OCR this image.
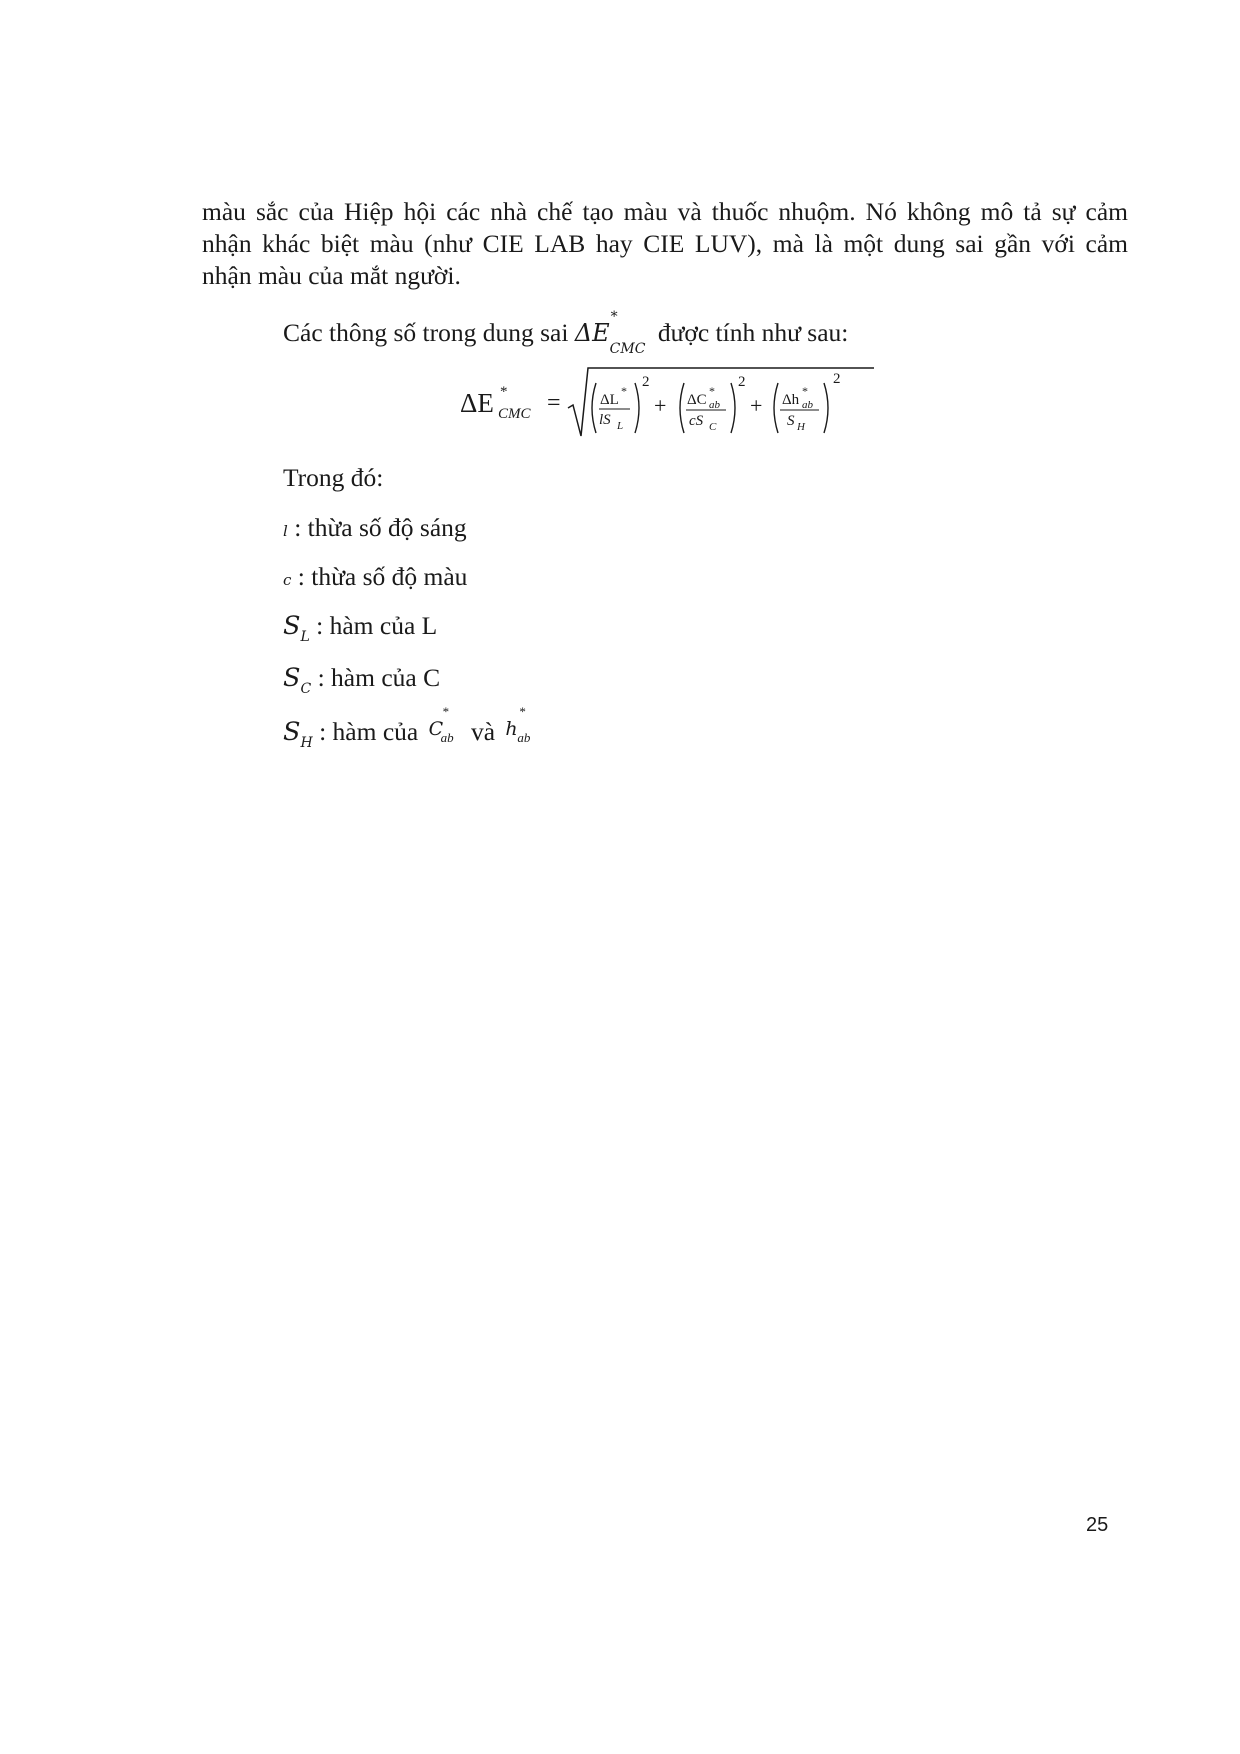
màu sắc của Hiệp hội các nhà chế tạo màu và thuốc nhuộm. Nó không mô tả sự cảm
nhận khác biệt màu (như CIE LAB hay CIE LUV), mà là một dung sai gần với cảm
nhận màu của mắt người.
Các thông số trong dung sai ΔE
*
$_{CMC}$ được tính như sau:
ΔE *
CMC =	ΔL
*
lS L
2
+ ΔC
*
ab
cS C
2
+ Δh
*
ab
S H
2
Trong đó:
l : thừa số độ sáng
c : thừa số độ màu
$S_L$ : hàm của L
$S_C$ : hàm của C
$S_H$ : hàm của C
*
ab và h
*
ab
25
